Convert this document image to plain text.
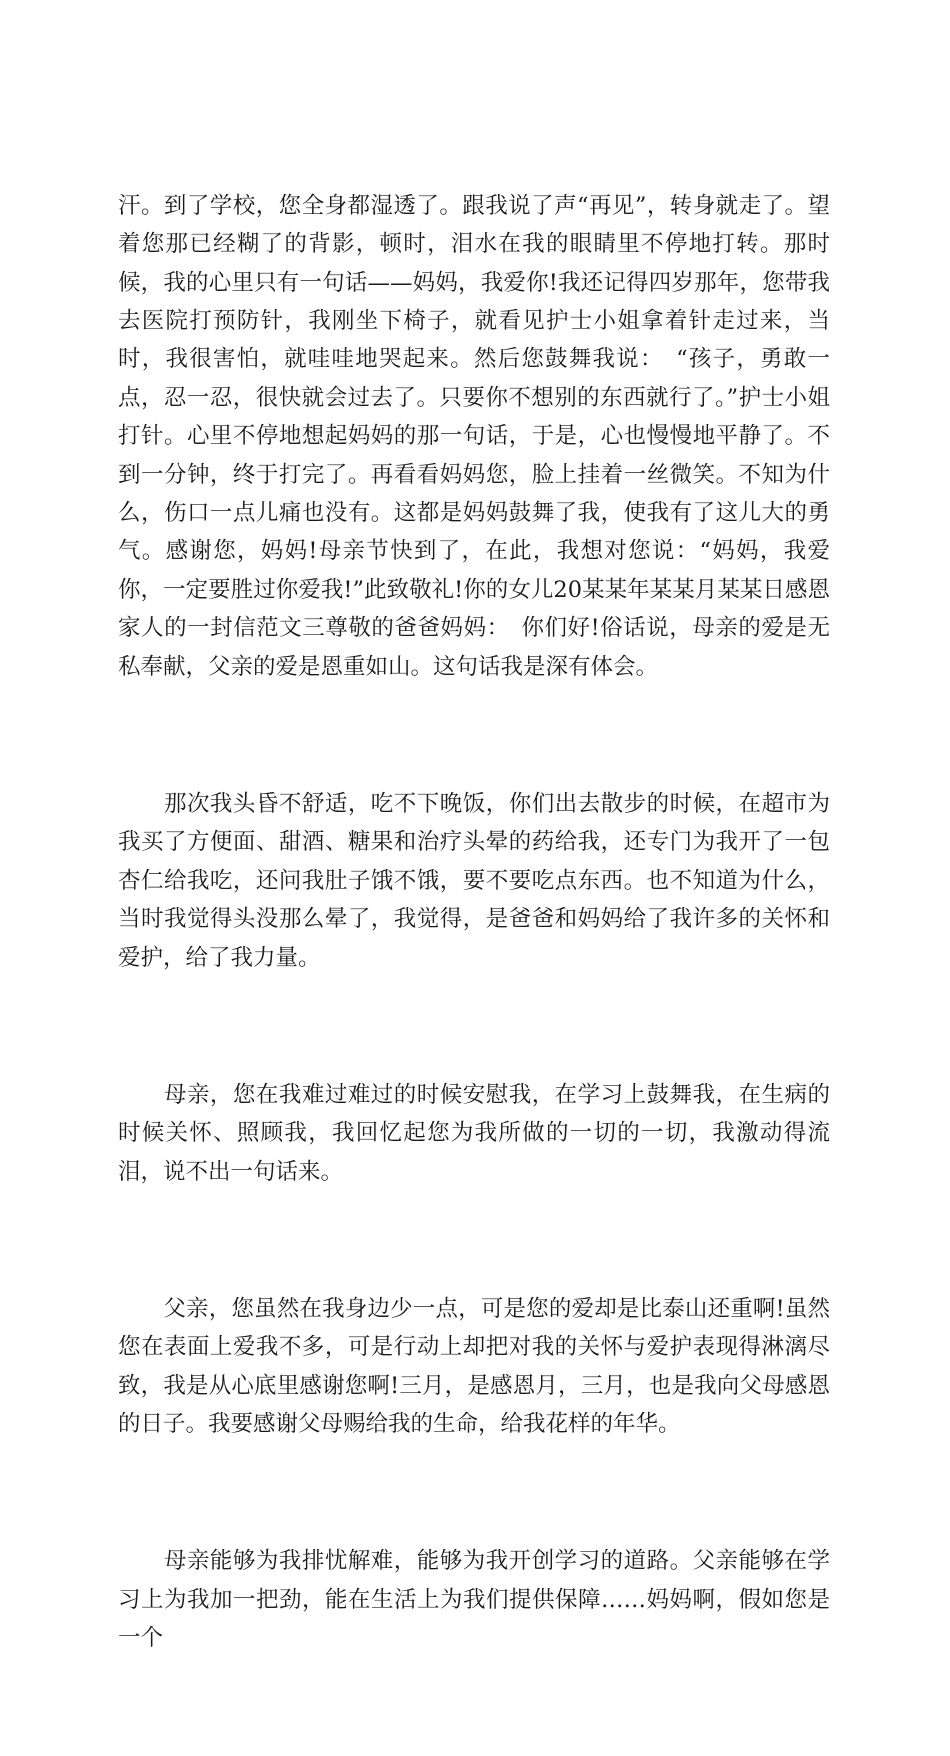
汗。到了学校，您全身都湿透了。跟我说了声“再见”，转身就走了。望着您那已经糊了的背影，顿时，泪水在我的眼睛里不停地打转。那时候，我的心里只有一句话——妈妈，我爱你!我还记得四岁那年，您带我去医院打预防针，我刚坐下椅子，就看见护士小姐拿着针走过来，当时，我很害怕，就哇哇地哭起来。然后您鼓舞我说：　“孩子，勇敢一点，忍一忍，很快就会过去了。只要你不想别的东西就行了。”护士小姐打针。心里不停地想起妈妈的那一句话，于是，心也慢慢地平静了。不到一分钟，终于打完了。再看看妈妈您，脸上挂着一丝微笑。不知为什么，伤口一点儿痛也没有。这都是妈妈鼓舞了我，使我有了这儿大的勇气。感谢您，妈妈!母亲节快到了，在此，我想对您说：“妈妈，我爱你，一定要胜过你爱我!”此致敬礼!你的女儿20某某年某某月某某日感恩家人的一封信范文三尊敬的爸爸妈妈：　你们好!俗话说，母亲的爱是无私奉献，父亲的爱是恩重如山。这句话我是深有体会。

　　那次我头昏不舒适，吃不下晚饭，你们出去散步的时候，在超市为我买了方便面、甜酒、糖果和治疗头晕的药给我，还专门为我开了一包杏仁给我吃，还问我肚子饿不饿，要不要吃点东西。也不知道为什么，当时我觉得头没那么晕了，我觉得，是爸爸和妈妈给了我许多的关怀和爱护，给了我力量。

　　母亲，您在我难过难过的时候安慰我，在学习上鼓舞我，在生病的时候关怀、照顾我，我回忆起您为我所做的一切的一切，我激动得流泪，说不出一句话来。

　　父亲，您虽然在我身边少一点，可是您的爱却是比泰山还重啊!虽然您在表面上爱我不多，可是行动上却把对我的关怀与爱护表现得淋漓尽致，我是从心底里感谢您啊!三月，是感恩月，三月，也是我向父母感恩的日子。我要感谢父母赐给我的生命，给我花样的年华。

　　母亲能够为我排忧解难，能够为我开创学习的道路。父亲能够在学习上为我加一把劲，能在生活上为我们提供保障……妈妈啊，假如您是一个
